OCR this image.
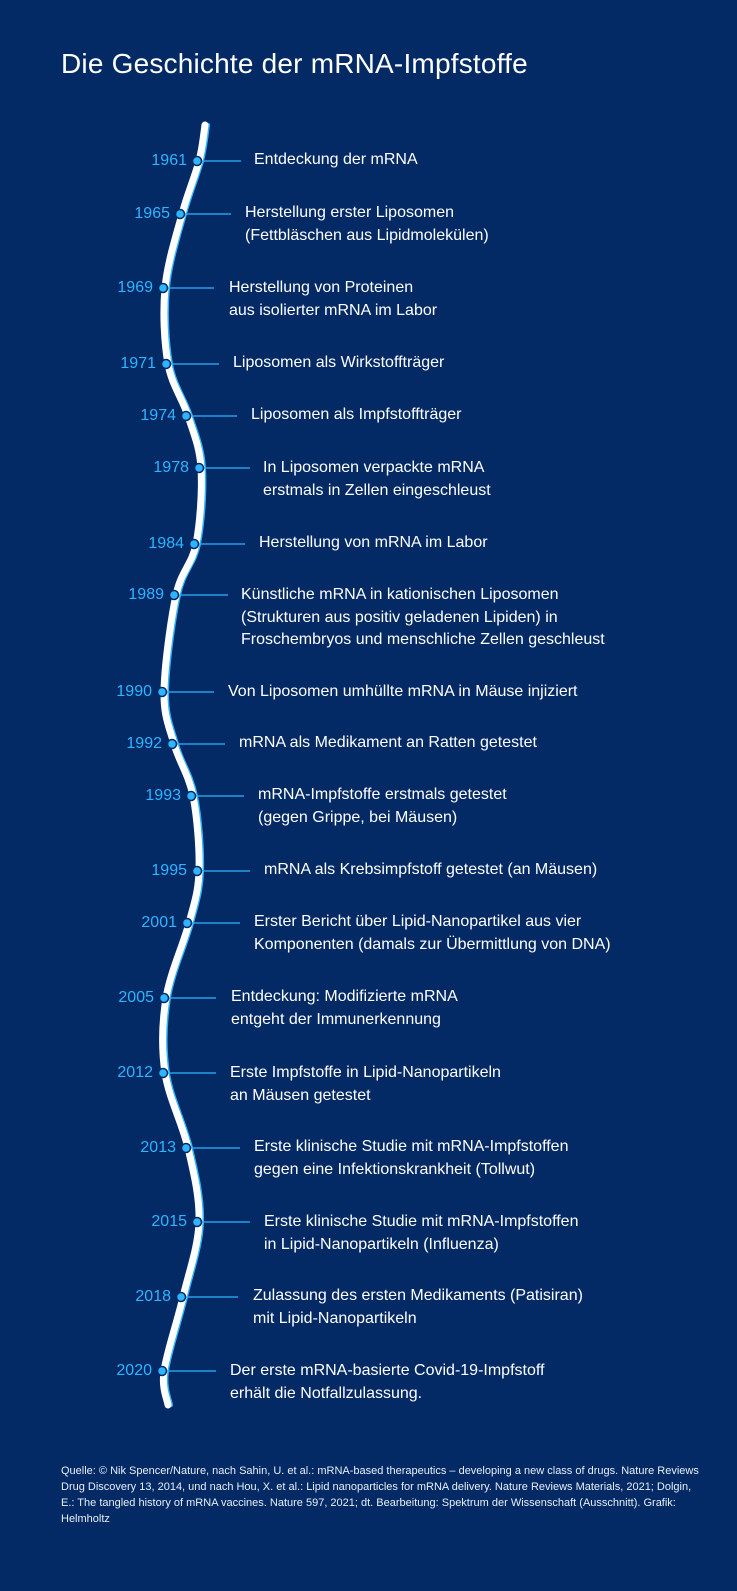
Die Geschichte der mRNA-Impfstoffe
1961	Entdeckung der mRNA
1965	Herstellung erster Liposomen
(Fettbläschen aus Lipidmolekülen)
1969	Herstellung von Proteinen
aus isolierter mRNA im Labor
1971	Liposomen als Wirkstoffträger
1974	Liposomen als Impfstoffträger
1978	In Liposomen verpackte mRNA
erstmals in Zellen eingeschleust
1984	Herstellung von mRNA im Labor
1989	Künstliche mRNA in kationischen Liposomen
(Strukturen aus positiv geladenen Lipiden) in
Froschembryos und menschliche Zellen geschleust
1990	Von Liposomen umhüllte mRNA in Mäuse injiziert
1992	mRNA als Medikament an Ratten getestet
1993	mRNA-Impfstoffe erstmals getestet
(gegen Grippe, bei Mäusen)
1995	mRNA als Krebsimpfstoff getestet (an Mäusen)
2001	Erster Bericht über Lipid-Nanopartikel aus vier
Komponenten (damals zur Übermittlung von DNA)
2005	Entdeckung: Modifizierte mRNA
entgeht der Immunerkennung
2012	Erste Impfstoffe in Lipid-Nanopartikeln
an Mäusen getestet
2013	Erste klinische Studie mit mRNA-Impfstoffen
gegen eine Infektionskrankheit (Tollwut)
2015	Erste klinische Studie mit mRNA-Impfstoffen
in Lipid-Nanopartikeln (Influenza)
2018	Zulassung des ersten Medikaments (Patisiran)
mit Lipid-Nanopartikeln
2020	Der erste mRNA-basierte Covid-19-Impfstoff
erhält die Notfallzulassung.

Quelle: © Nik Spencer/Nature, nach Sahin, U. et al.: mRNA-based therapeutics – developing a new class of drugs. Nature Reviews Drug Discovery 13, 2014, und nach Hou, X. et al.: Lipid nanoparticles for mRNA delivery. Nature Reviews Materials, 2021; Dolgin, E.: The tangled history of mRNA vaccines. Nature 597, 2021; dt. Bearbeitung: Spektrum der Wissenschaft (Ausschnitt). Grafik: Helmholtz
